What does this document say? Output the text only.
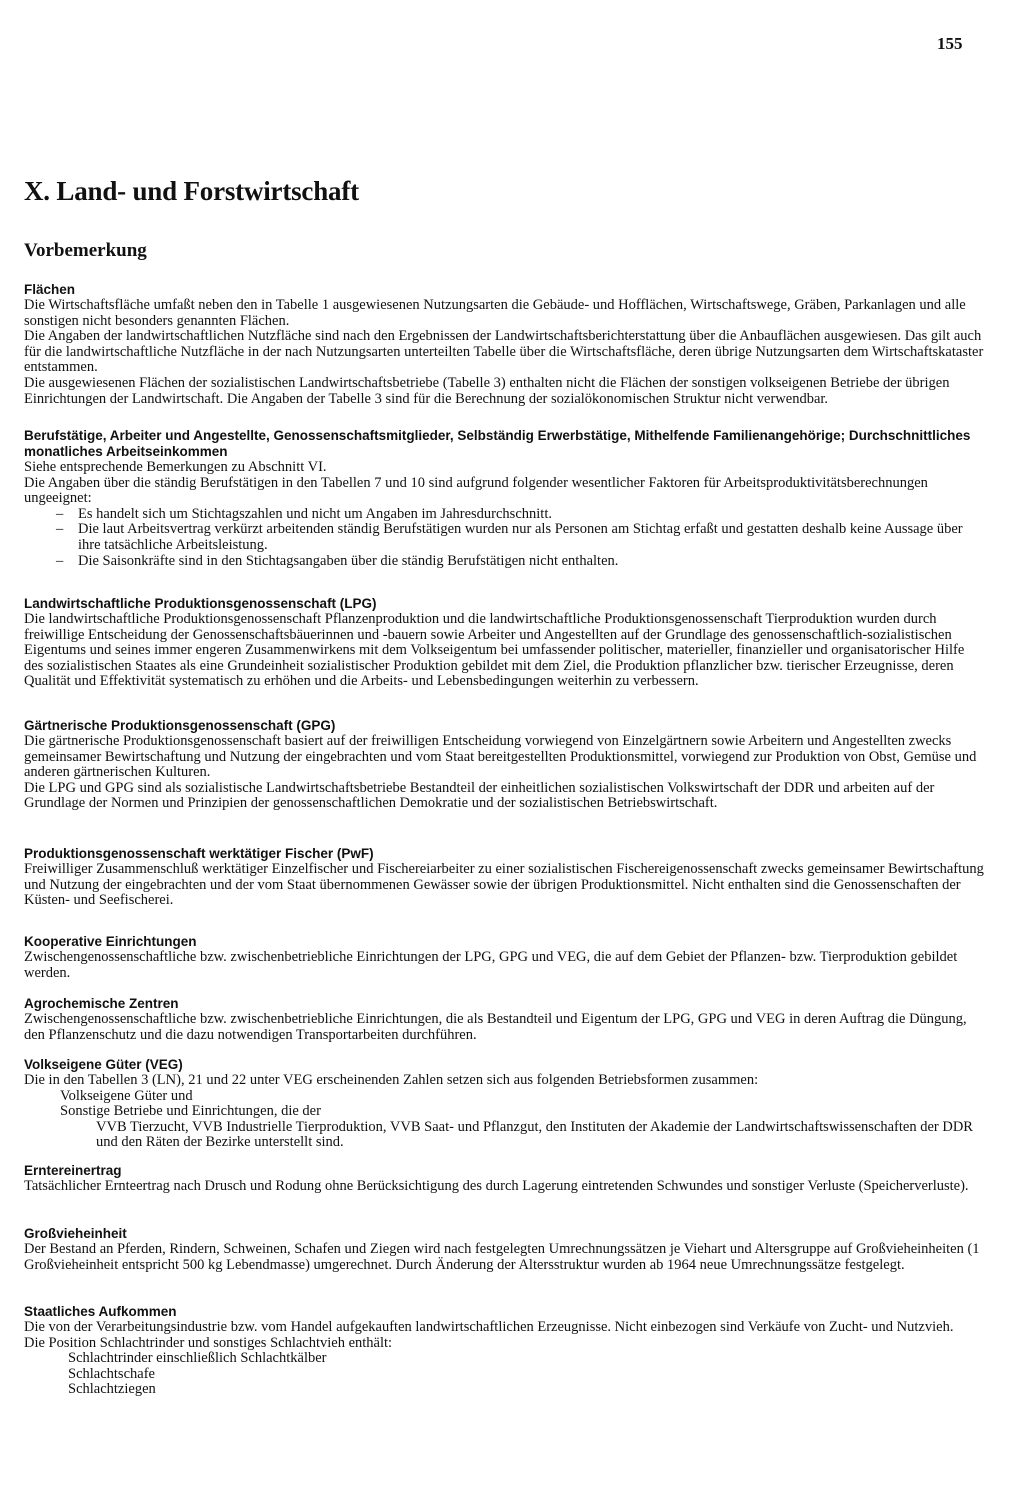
155
X. Land- und Forstwirtschaft
Vorbemerkung
Flächen
Die Wirtschaftsfläche umfaßt neben den in Tabelle 1 ausgewiesenen Nutzungsarten die Gebäude- und Hofflächen, Wirtschaftswege, Gräben, Parkanlagen und alle sonstigen nicht besonders genannten Flächen.
Die Angaben der landwirtschaftlichen Nutzfläche sind nach den Ergebnissen der Landwirtschaftsberichterstattung über die Anbauflächen ausgewiesen. Das gilt auch für die landwirtschaftliche Nutzfläche in der nach Nutzungsarten unterteilten Tabelle über die Wirtschaftsfläche, deren übrige Nutzungsarten dem Wirtschaftskataster entstammen.
Die ausgewiesenen Flächen der sozialistischen Landwirtschaftsbetriebe (Tabelle 3) enthalten nicht die Flächen der sonstigen volkseigenen Betriebe der übrigen Einrichtungen der Landwirtschaft. Die Angaben der Tabelle 3 sind für die Berechnung der sozialökonomischen Struktur nicht verwendbar.
Berufstätige, Arbeiter und Angestellte, Genossenschaftsmitglieder, Selbständig Erwerbstätige, Mithelfende Familienangehörige; Durchschnittliches monatliches Arbeitseinkommen
Siehe entsprechende Bemerkungen zu Abschnitt VI.
Die Angaben über die ständig Berufstätigen in den Tabellen 7 und 10 sind aufgrund folgender wesentlicher Faktoren für Arbeitsproduktivitätsberechnungen ungeeignet:
– Es handelt sich um Stichtagszahlen und nicht um Angaben im Jahresdurchschnitt.
– Die laut Arbeitsvertrag verkürzt arbeitenden ständig Berufstätigen wurden nur als Personen am Stichtag erfaßt und gestatten deshalb keine Aussage über ihre tatsächliche Arbeitsleistung.
– Die Saisonkräfte sind in den Stichtagsangaben über die ständig Berufstätigen nicht enthalten.
Landwirtschaftliche Produktionsgenossenschaft (LPG)
Die landwirtschaftliche Produktionsgenossenschaft Pflanzenproduktion und die landwirtschaftliche Produktionsgenossenschaft Tierproduktion wurden durch freiwillige Entscheidung der Genossenschaftsbäuerinnen und -bauern sowie Arbeiter und Angestellten auf der Grundlage des genossenschaftlich-sozialistischen Eigentums und seines immer engeren Zusammenwirkens mit dem Volkseigentum bei umfassender politischer, materieller, finanzieller und organisatorischer Hilfe des sozialistischen Staates als eine Grundeinheit sozialistischer Produktion gebildet mit dem Ziel, die Produktion pflanzlicher bzw. tierischer Erzeugnisse, deren Qualität und Effektivität systematisch zu erhöhen und die Arbeits- und Lebensbedingungen weiterhin zu verbessern.
Gärtnerische Produktionsgenossenschaft (GPG)
Die gärtnerische Produktionsgenossenschaft basiert auf der freiwilligen Entscheidung vorwiegend von Einzelgärtnern sowie Arbeitern und Angestellten zwecks gemeinsamer Bewirtschaftung und Nutzung der eingebrachten und vom Staat bereitgestellten Produktionsmittel, vorwiegend zur Produktion von Obst, Gemüse und anderen gärtnerischen Kulturen.
Die LPG und GPG sind als sozialistische Landwirtschaftsbetriebe Bestandteil der einheitlichen sozialistischen Volkswirtschaft der DDR und arbeiten auf der Grundlage der Normen und Prinzipien der genossenschaftlichen Demokratie und der sozialistischen Betriebswirtschaft.
Produktionsgenossenschaft werktätiger Fischer (PwF)
Freiwilliger Zusammenschluß werktätiger Einzelfischer und Fischereiarbeiter zu einer sozialistischen Fischereigenossenschaft zwecks gemeinsamer Bewirtschaftung und Nutzung der eingebrachten und der vom Staat übernommenen Gewässer sowie der übrigen Produktionsmittel. Nicht enthalten sind die Genossenschaften der Küsten- und Seefischerei.
Kooperative Einrichtungen
Zwischengenossenschaftliche bzw. zwischenbetriebliche Einrichtungen der LPG, GPG und VEG, die auf dem Gebiet der Pflanzen- bzw. Tierproduktion gebildet werden.
Agrochemische Zentren
Zwischengenossenschaftliche bzw. zwischenbetriebliche Einrichtungen, die als Bestandteil und Eigentum der LPG, GPG und VEG in deren Auftrag die Düngung, den Pflanzenschutz und die dazu notwendigen Transportarbeiten durchführen.
Volkseigene Güter (VEG)
Die in den Tabellen 3 (LN), 21 und 22 unter VEG erscheinenden Zahlen setzen sich aus folgenden Betriebsformen zusammen:
Volkseigene Güter und
Sonstige Betriebe und Einrichtungen, die der
VVB Tierzucht, VVB Industrielle Tierproduktion, VVB Saat- und Pflanzgut, den Instituten der Akademie der Landwirtschaftswissenschaften der DDR und den Räten der Bezirke unterstellt sind.
Erntereinertrag
Tatsächlicher Ernteertrag nach Drusch und Rodung ohne Berücksichtigung des durch Lagerung eintretenden Schwundes und sonstiger Verluste (Speicherverluste).
Großvieheinheit
Der Bestand an Pferden, Rindern, Schweinen, Schafen und Ziegen wird nach festgelegten Umrechnungssätzen je Viehart und Altersgruppe auf Großvieheinheiten (1 Großvieheinheit entspricht 500 kg Lebendmasse) umgerechnet. Durch Änderung der Altersstruktur wurden ab 1964 neue Umrechnungssätze festgelegt.
Staatliches Aufkommen
Die von der Verarbeitungsindustrie bzw. vom Handel aufgekauften landwirtschaftlichen Erzeugnisse. Nicht einbezogen sind Verkäufe von Zucht- und Nutzvieh.
Die Position Schlachtrinder und sonstiges Schlachtvieh enthält:
Schlachtrinder einschließlich Schlachtkälber
Schlachtschafe
Schlachtziegen
